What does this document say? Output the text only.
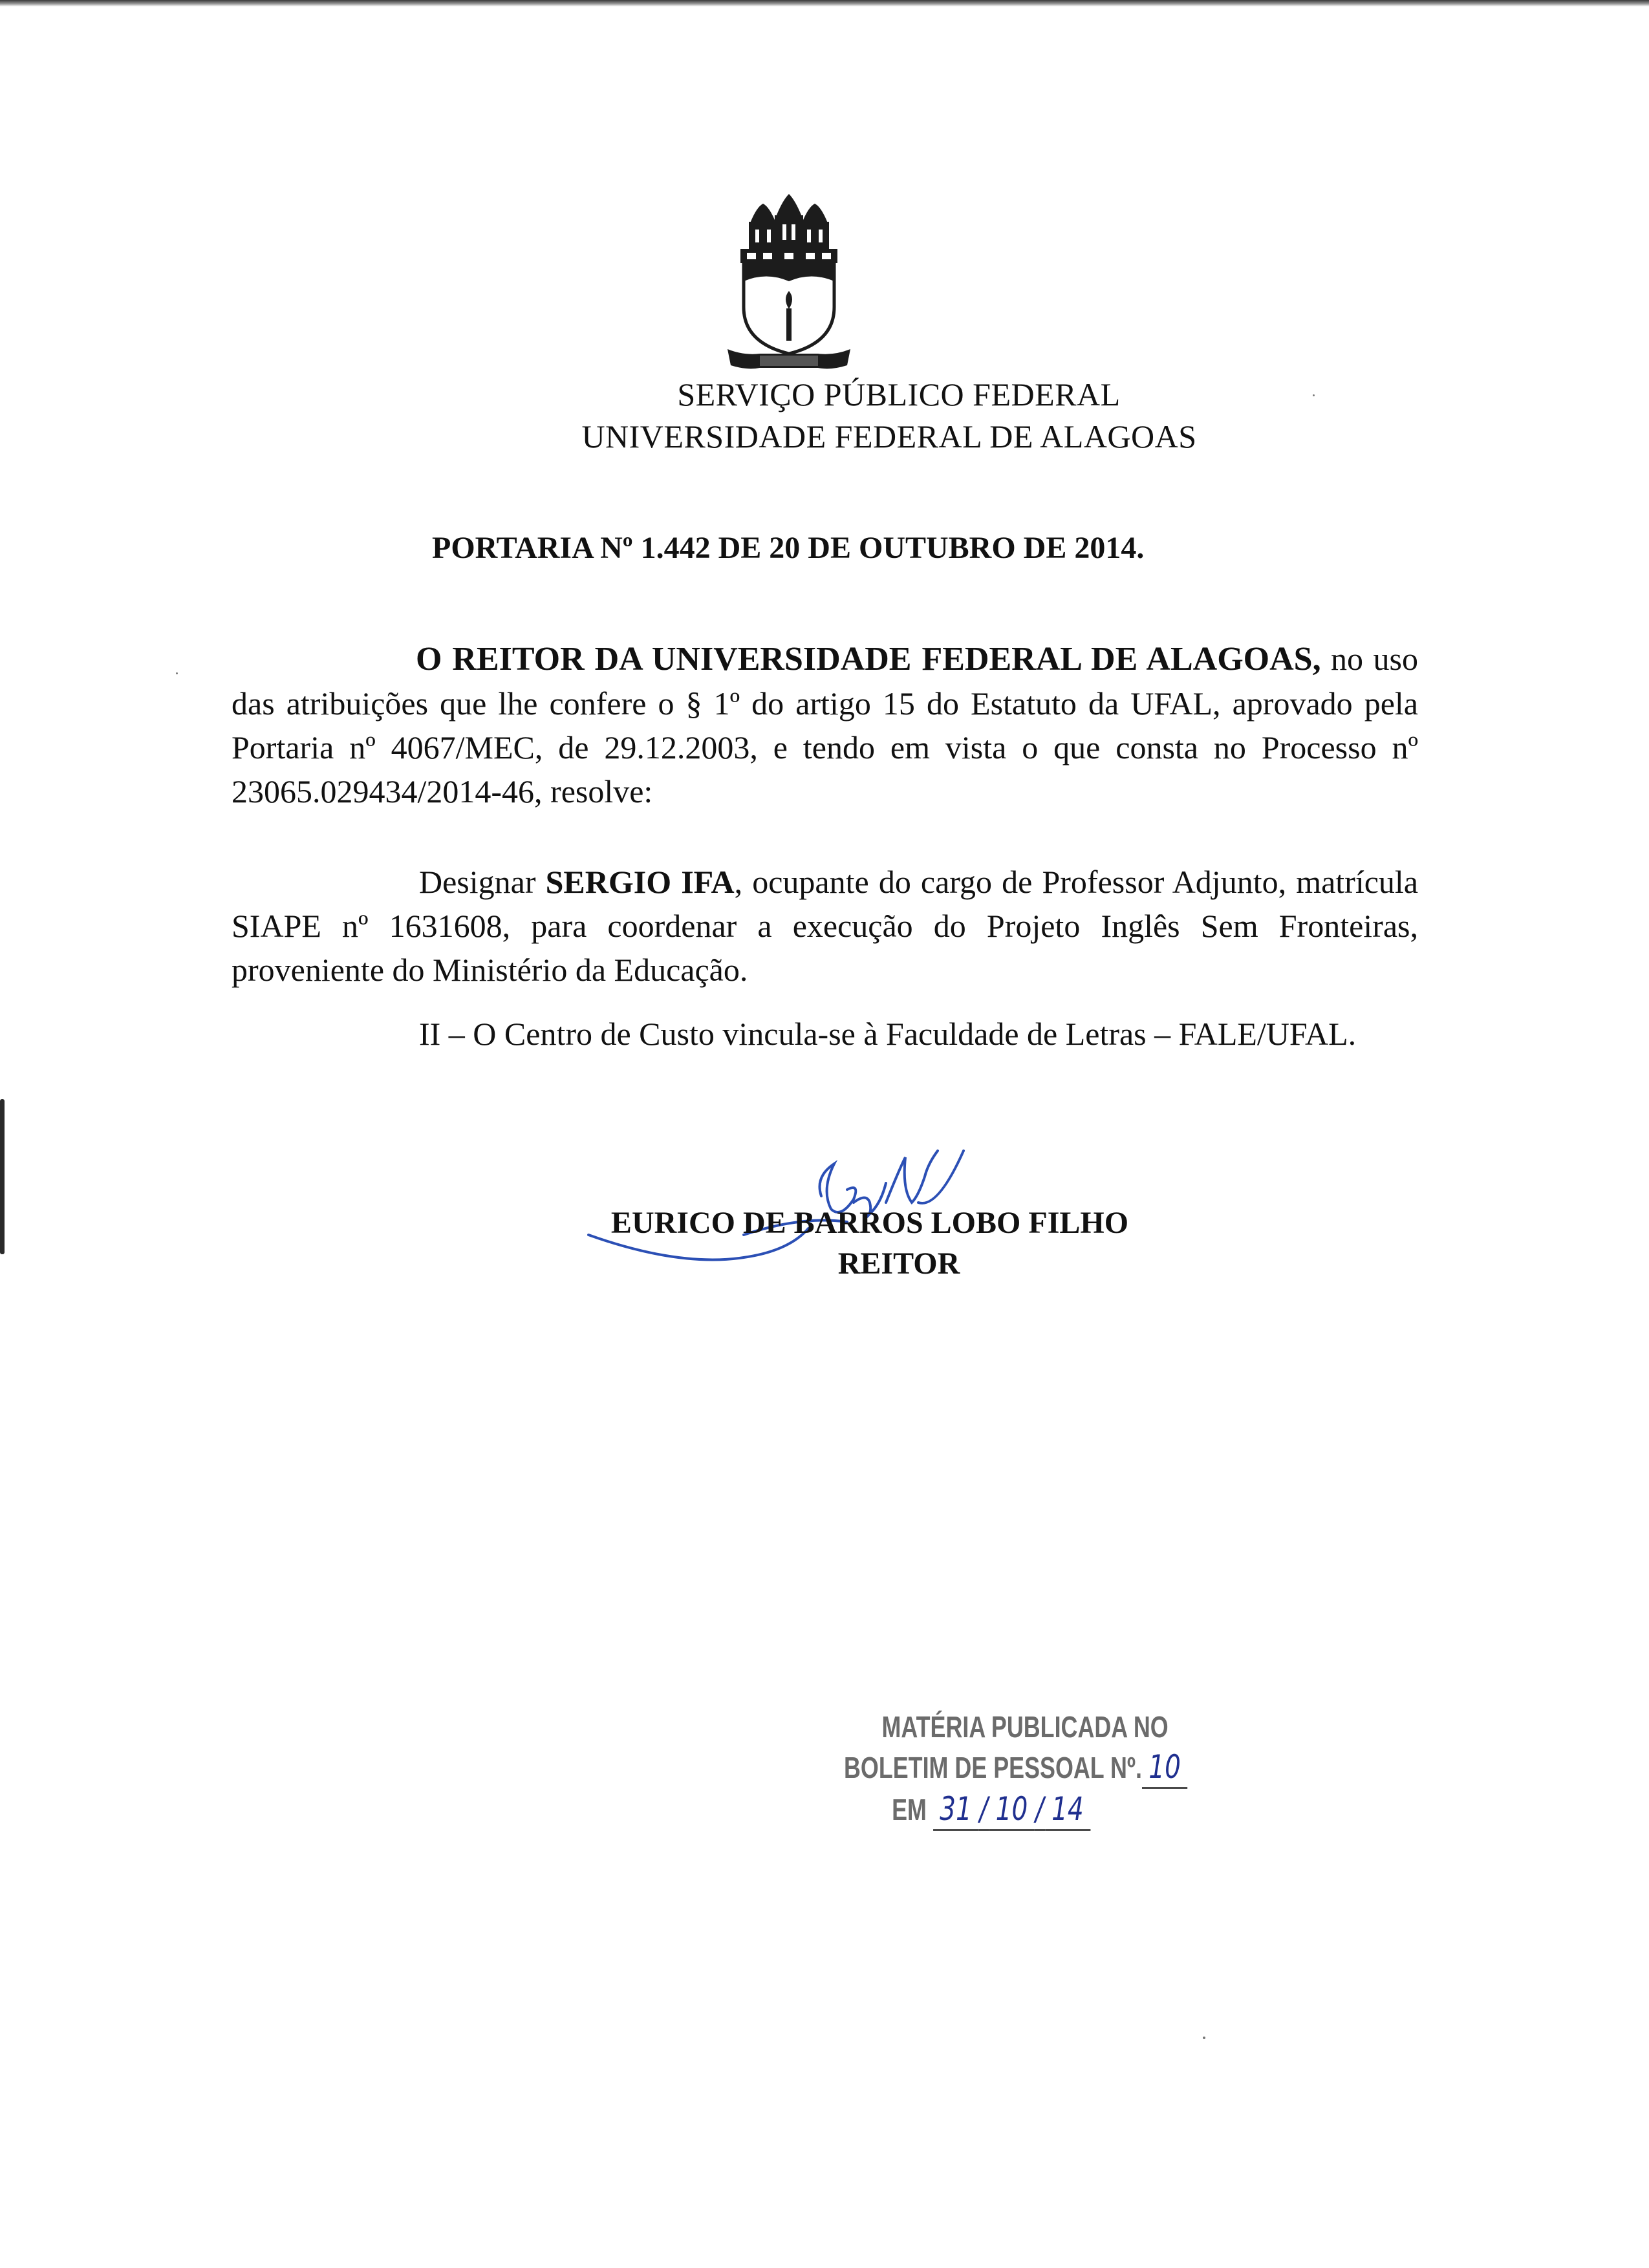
SERVIÇO PÚBLICO FEDERAL
UNIVERSIDADE FEDERAL DE ALAGOAS
PORTARIA Nº 1.442 DE 20 DE OUTUBRO DE 2014.

O REITOR DA UNIVERSIDADE FEDERAL DE ALAGOAS, no uso das atribuições que lhe confere o § 1º do artigo 15 do Estatuto da UFAL, aprovado pela Portaria nº 4067/MEC, de 29.12.2003, e tendo em vista o que consta no Processo nº 23065.029434/2014-46, resolve:

Designar SERGIO IFA, ocupante do cargo de Professor Adjunto, matrícula SIAPE nº 1631608, para coordenar a execução do Projeto Inglês Sem Fronteiras, proveniente do Ministério da Educação.

II – O Centro de Custo vincula-se à Faculdade de Letras – FALE/UFAL.

EURICO DE BARROS LOBO FILHO
REITOR
MATÉRIA PUBLICADA NO
BOLETIM DE PESSOAL Nº. 10
EM 31 / 10 / 14
